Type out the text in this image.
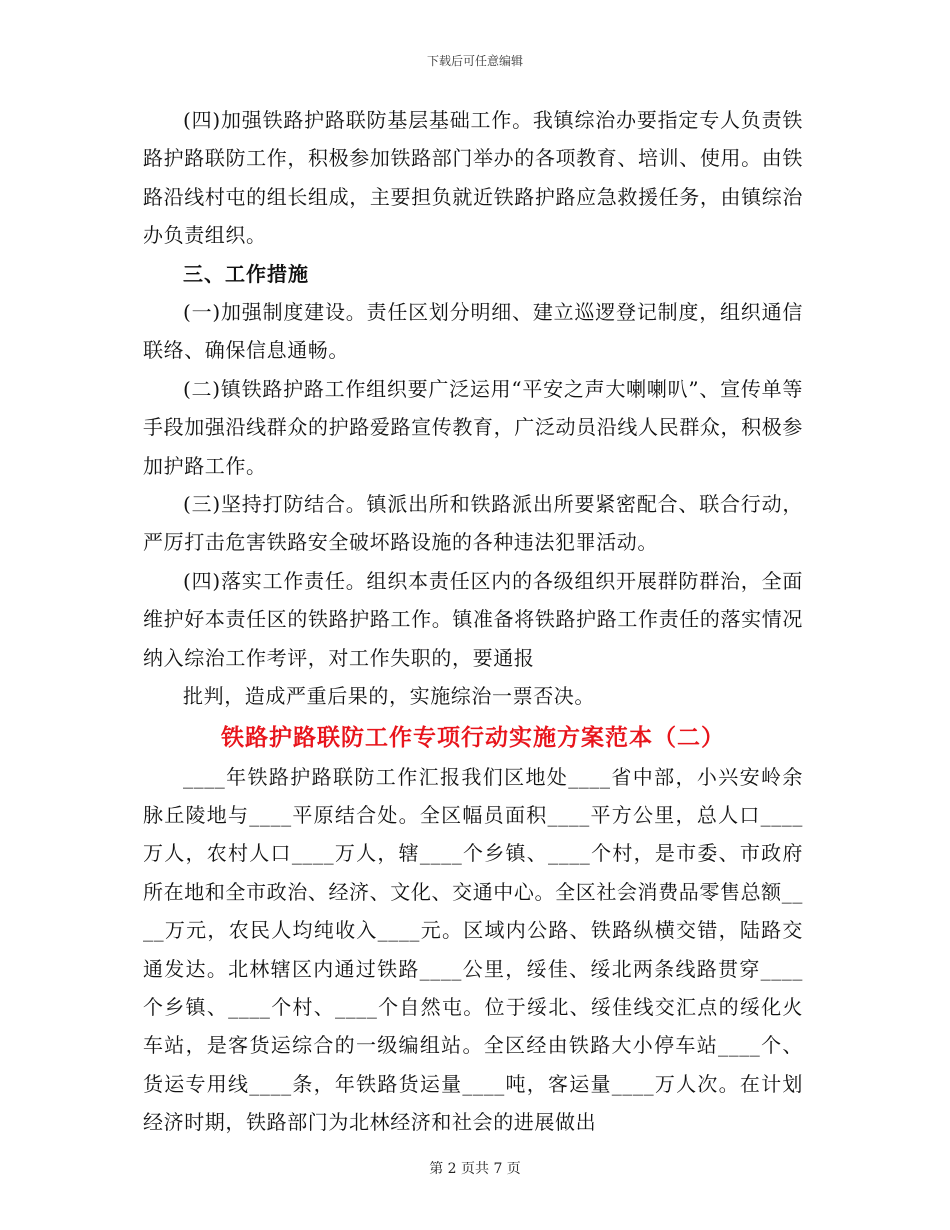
下载后可任意编辑

(四)加强铁路护路联防基层基础工作。我镇综治办要指定专人负责铁路护路联防工作，积极参加铁路部门举办的各项教育、培训、使用。由铁路沿线村屯的组长组成，主要担负就近铁路护路应急救援任务，由镇综治办负责组织。

三、工作措施

(一)加强制度建设。责任区划分明细、建立巡逻登记制度，组织通信联络、确保信息通畅。

(二)镇铁路护路工作组织要广泛运用“平安之声大喇喇叭”、宣传单等手段加强沿线群众的护路爱路宣传教育，广泛动员沿线人民群众，积极参加护路工作。

(三)坚持打防结合。镇派出所和铁路派出所要紧密配合、联合行动，严厉打击危害铁路安全破坏路设施的各种违法犯罪活动。

(四)落实工作责任。组织本责任区内的各级组织开展群防群治，全面维护好本责任区的铁路护路工作。镇准备将铁路护路工作责任的落实情况纳入综治工作考评，对工作失职的，要通报

批判，造成严重后果的，实施综治一票否决。

铁路护路联防工作专项行动实施方案范本（二）

____年铁路护路联防工作汇报我们区地处____省中部，小兴安岭余脉丘陵地与____平原结合处。全区幅员面积____平方公里，总人口____万人，农村人口____万人，辖____个乡镇、____个村，是市委、市政府所在地和全市政治、经济、文化、交通中心。全区社会消费品零售总额____万元，农民人均纯收入____元。区域内公路、铁路纵横交错，陆路交通发达。北林辖区内通过铁路____公里，绥佳、绥北两条线路贯穿____个乡镇、____个村、____个自然屯。位于绥北、绥佳线交汇点的绥化火车站，是客货运综合的一级编组站。全区经由铁路大小停车站____个、货运专用线____条，年铁路货运量____吨，客运量____万人次。在计划经济时期，铁路部门为北林经济和社会的进展做出

第 2 页共 7 页
